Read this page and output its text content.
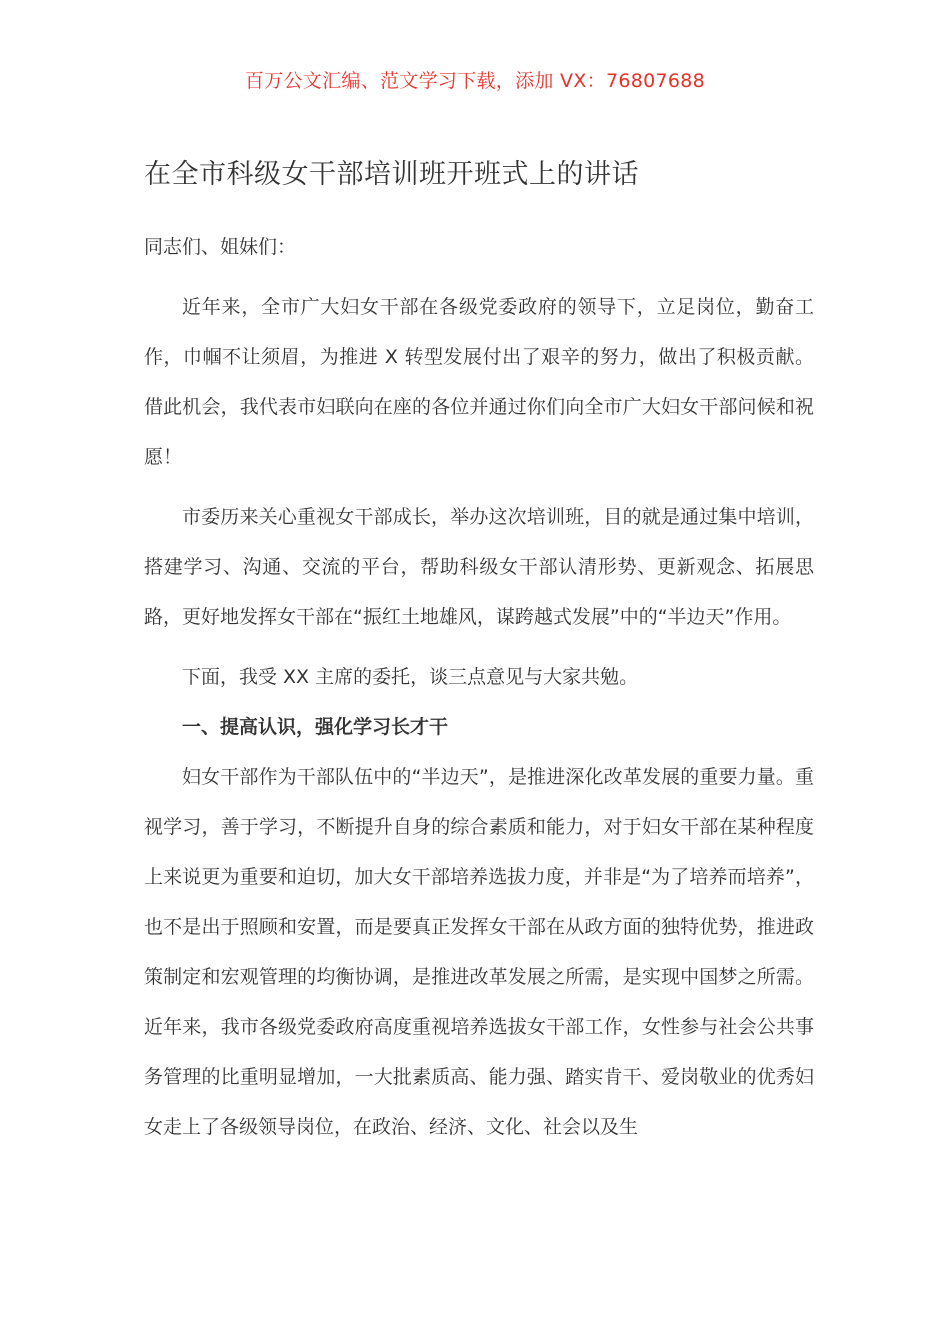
百万公文汇编、范文学习下载，添加 VX：76807688
在全市科级女干部培训班开班式上的讲话

同志们、姐妹们：

近年来，全市广大妇女干部在各级党委政府的领导下，立足岗位，勤奋工作，巾帼不让须眉，为推进 X 转型发展付出了艰辛的努力，做出了积极贡献。借此机会，我代表市妇联向在座的各位并通过你们向全市广大妇女干部问候和祝愿！

市委历来关心重视女干部成长，举办这次培训班，目的就是通过集中培训，搭建学习、沟通、交流的平台，帮助科级女干部认清形势、更新观念、拓展思路，更好地发挥女干部在“振红土地雄风，谋跨越式发展”中的“半边天”作用。

下面，我受 XX 主席的委托，谈三点意见与大家共勉。

一、提高认识，强化学习长才干

妇女干部作为干部队伍中的“半边天”，是推进深化改革发展的重要力量。重视学习，善于学习，不断提升自身的综合素质和能力，对于妇女干部在某种程度上来说更为重要和迫切，加大女干部培养选拔力度，并非是“为了培养而培养”，也不是出于照顾和安置，而是要真正发挥女干部在从政方面的独特优势，推进政策制定和宏观管理的均衡协调，是推进改革发展之所需，是实现中国梦之所需。近年来，我市各级党委政府高度重视培养选拔女干部工作，女性参与社会公共事务管理的比重明显增加，一大批素质高、能力强、踏实肯干、爱岗敬业的优秀妇女走上了各级领导岗位，在政治、经济、文化、社会以及生
